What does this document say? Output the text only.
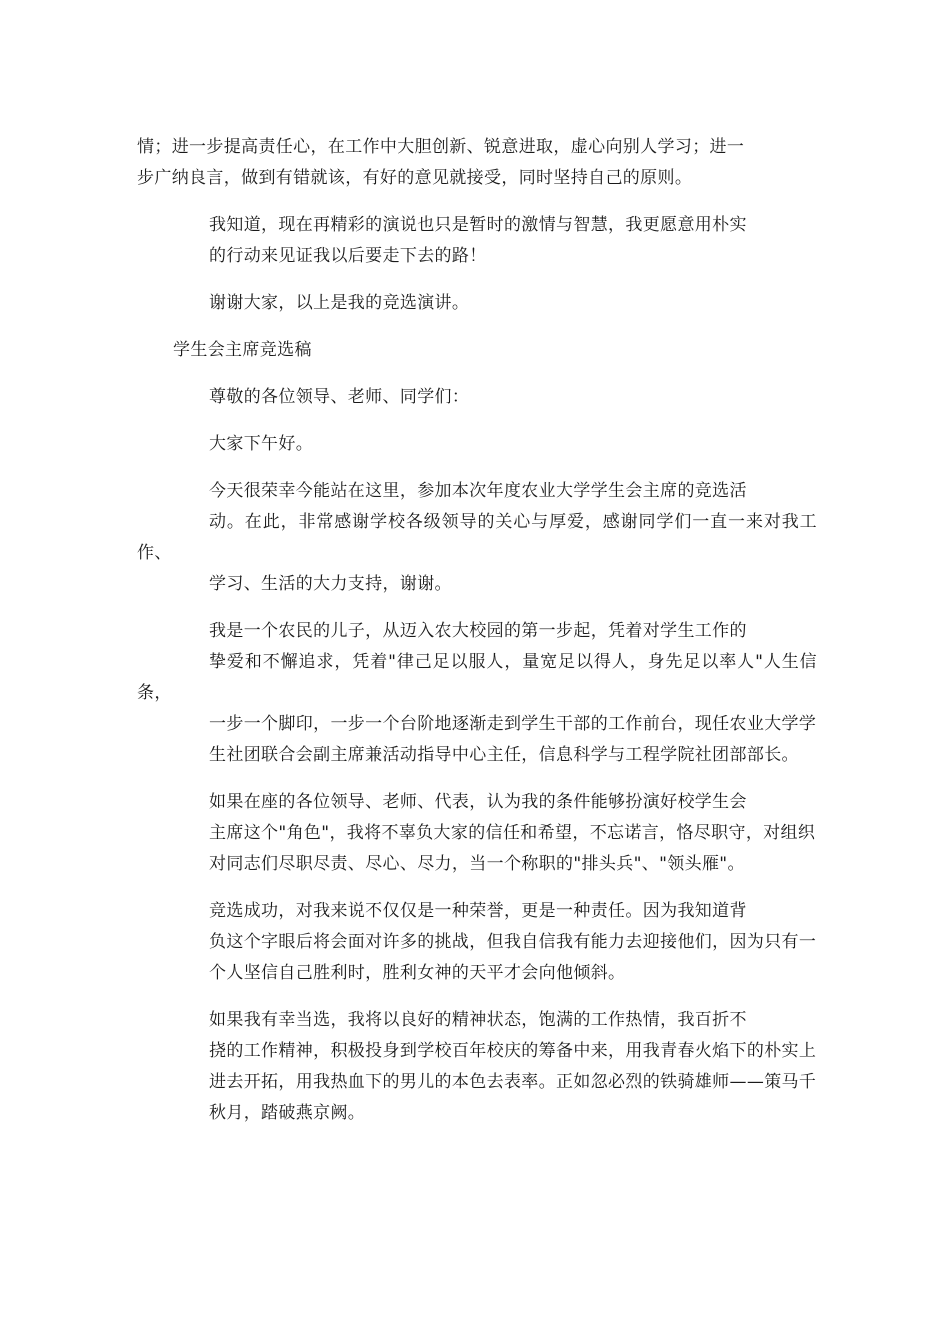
情；进一步提高责任心，在工作中大胆创新、锐意进取，虚心向别人学习；进一
步广纳良言，做到有错就该，有好的意见就接受，同时坚持自己的原则。

我知道，现在再精彩的演说也只是暂时的激情与智慧，我更愿意用朴实
的行动来见证我以后要走下去的路！

谢谢大家，以上是我的竞选演讲。

学生会主席竞选稿

尊敬的各位领导、老师、同学们：

大家下午好。

今天很荣幸今能站在这里，参加本次年度农业大学学生会主席的竞选活
动。在此，非常感谢学校各级领导的关心与厚爱，感谢同学们一直一来对我工作、
学习、生活的大力支持，谢谢。

我是一个农民的儿子，从迈入农大校园的第一步起，凭着对学生工作的
挚爱和不懈追求，凭着"律己足以服人，量宽足以得人，身先足以率人"人生信条，
一步一个脚印，一步一个台阶地逐渐走到学生干部的工作前台，现任农业大学学
生社团联合会副主席兼活动指导中心主任，信息科学与工程学院社团部部长。

如果在座的各位领导、老师、代表，认为我的条件能够扮演好校学生会
主席这个"角色"，我将不辜负大家的信任和希望，不忘诺言，恪尽职守，对组织
对同志们尽职尽责、尽心、尽力，当一个称职的"排头兵"、"领头雁"。

竞选成功，对我来说不仅仅是一种荣誉，更是一种责任。因为我知道背
负这个字眼后将会面对许多的挑战，但我自信我有能力去迎接他们，因为只有一
个人坚信自己胜利时，胜利女神的天平才会向他倾斜。

如果我有幸当选，我将以良好的精神状态，饱满的工作热情，我百折不
挠的工作精神，积极投身到学校百年校庆的筹备中来，用我青春火焰下的朴实上
进去开拓，用我热血下的男儿的本色去表率。正如忽必烈的铁骑雄师——策马千
秋月，踏破燕京阙。
